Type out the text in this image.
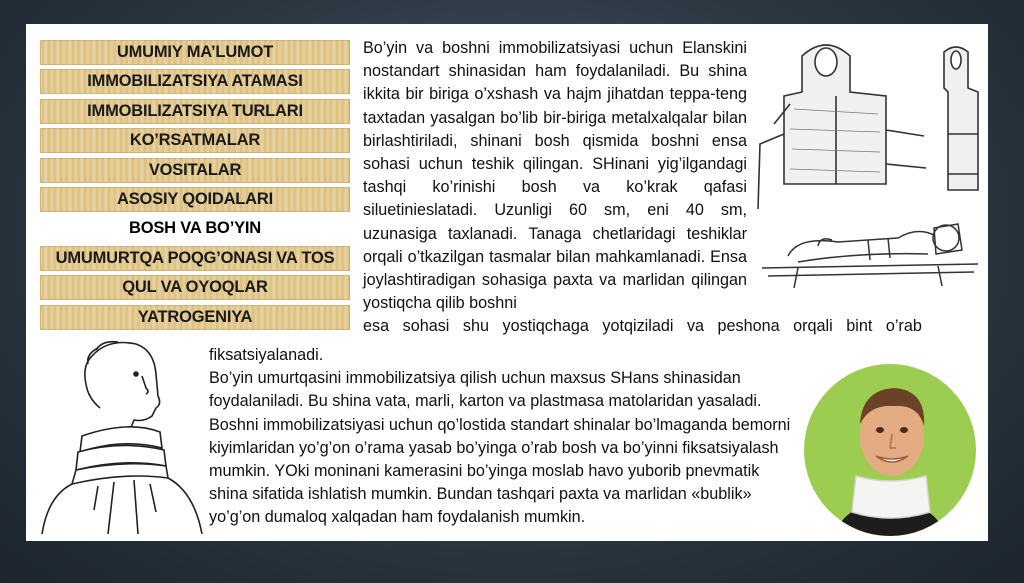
UMUMIY MA’LUMOT
IMMOBILIZATSIYA ATAMASI
IMMOBILIZATSIYA TURLARI
KO’RSATMALAR
VOSITALAR
ASOSIY QOIDALARI
BOSH VA BO’YIN
UMUMURTQA POQG’ONASI VA TOS
QUL VA OYOQLAR
YATROGENIYA

Bo’yin va boshni immobilizatsiyasi uchun Elanskini nostandart shinasidan ham foydalaniladi. Bu shina ikkita bir biriga o’xshash va hajm jihatdan teppa-teng taxtadan yasalgan bo’lib bir-biriga metalxalqalar bilan birlashtiriladi, shinani bosh qismida boshni ensa sohasi uchun teshik qilingan. SHinani yig’ilgandagi tashqi ko’rinishi bosh va ko’krak qafasi siluetinieslatadi. Uzunligi 60 sm, eni 40 sm, uzunasiga taxlanadi. Tanaga chetlaridagi teshiklar orqali o’tkazilgan tasmalar bilan mahkamlanadi. Ensa joylashtiradigan sohasiga paxta va marlidan qilingan yostiqcha qilib boshni

esa sohasi shu yostiqchaga yotqiziladi va peshona orqali bint o’rab

fiksatsiyalanadi.
Bo’yin umurtqasini immobilizatsiya qilish uchun maxsus SHans shinasidan foydalaniladi. Bu shina vata, marli, karton va plastmasa matolaridan yasaladi.
Boshni immobilizatsiyasi uchun qo’lostida standart shinalar bo’lmaganda bemorni kiyimlaridan yo’g’on o’rama yasab bo’yinga o’rab bosh va bo’yinni fiksatsiyalash mumkin. YOki moninani kamerasini bo’yinga moslab havo yuborib pnevmatik shina sifatida ishlatish mumkin. Bundan tashqari paxta va marlidan «bublik» yo’g’on dumaloq xalqadan ham foydalanish mumkin.
